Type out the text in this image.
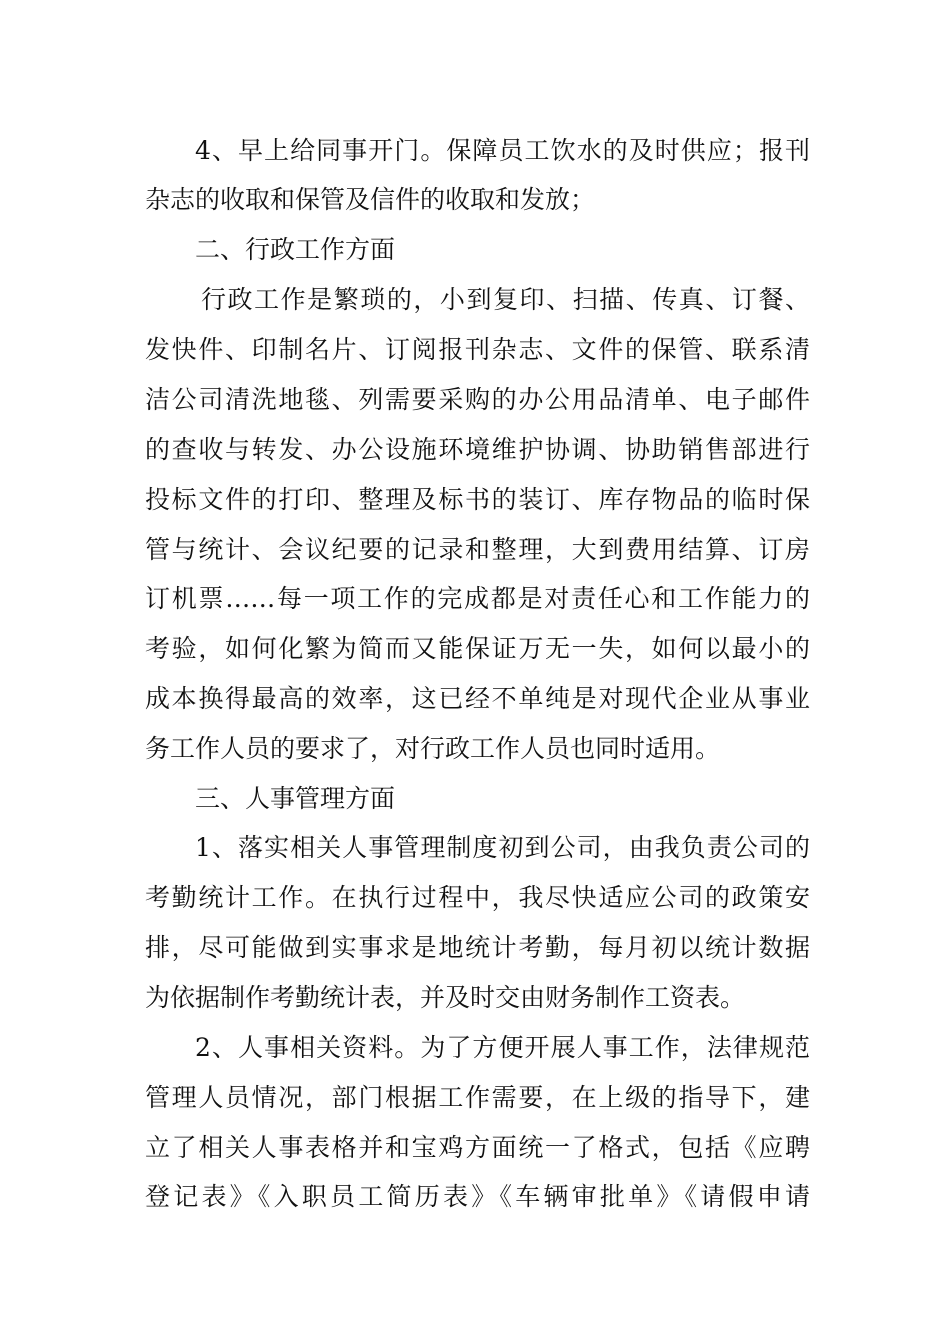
4、早上给同事开门。保障员工饮水的及时供应；报刊
杂志的收取和保管及信件的收取和发放；
二、行政工作方面
行政工作是繁琐的，小到复印、扫描、传真、订餐、
发快件、印制名片、订阅报刊杂志、文件的保管、联系清
洁公司清洗地毯、列需要采购的办公用品清单、电子邮件
的查收与转发、办公设施环境维护协调、协助销售部进行
投标文件的打印、整理及标书的装订、库存物品的临时保
管与统计、会议纪要的记录和整理，大到费用结算、订房
订机票……每一项工作的完成都是对责任心和工作能力的
考验，如何化繁为简而又能保证万无一失，如何以最小的
成本换得最高的效率，这已经不单纯是对现代企业从事业
务工作人员的要求了，对行政工作人员也同时适用。
三、人事管理方面
1、落实相关人事管理制度初到公司，由我负责公司的
考勤统计工作。在执行过程中，我尽快适应公司的政策安
排，尽可能做到实事求是地统计考勤，每月初以统计数据
为依据制作考勤统计表，并及时交由财务制作工资表。
2、人事相关资料。为了方便开展人事工作，法律规范
管理人员情况，部门根据工作需要，在上级的指导下，建
立了相关人事表格并和宝鸡方面统一了格式，包括《应聘
登记表》《入职员工简历表》《车辆审批单》《请假申请
